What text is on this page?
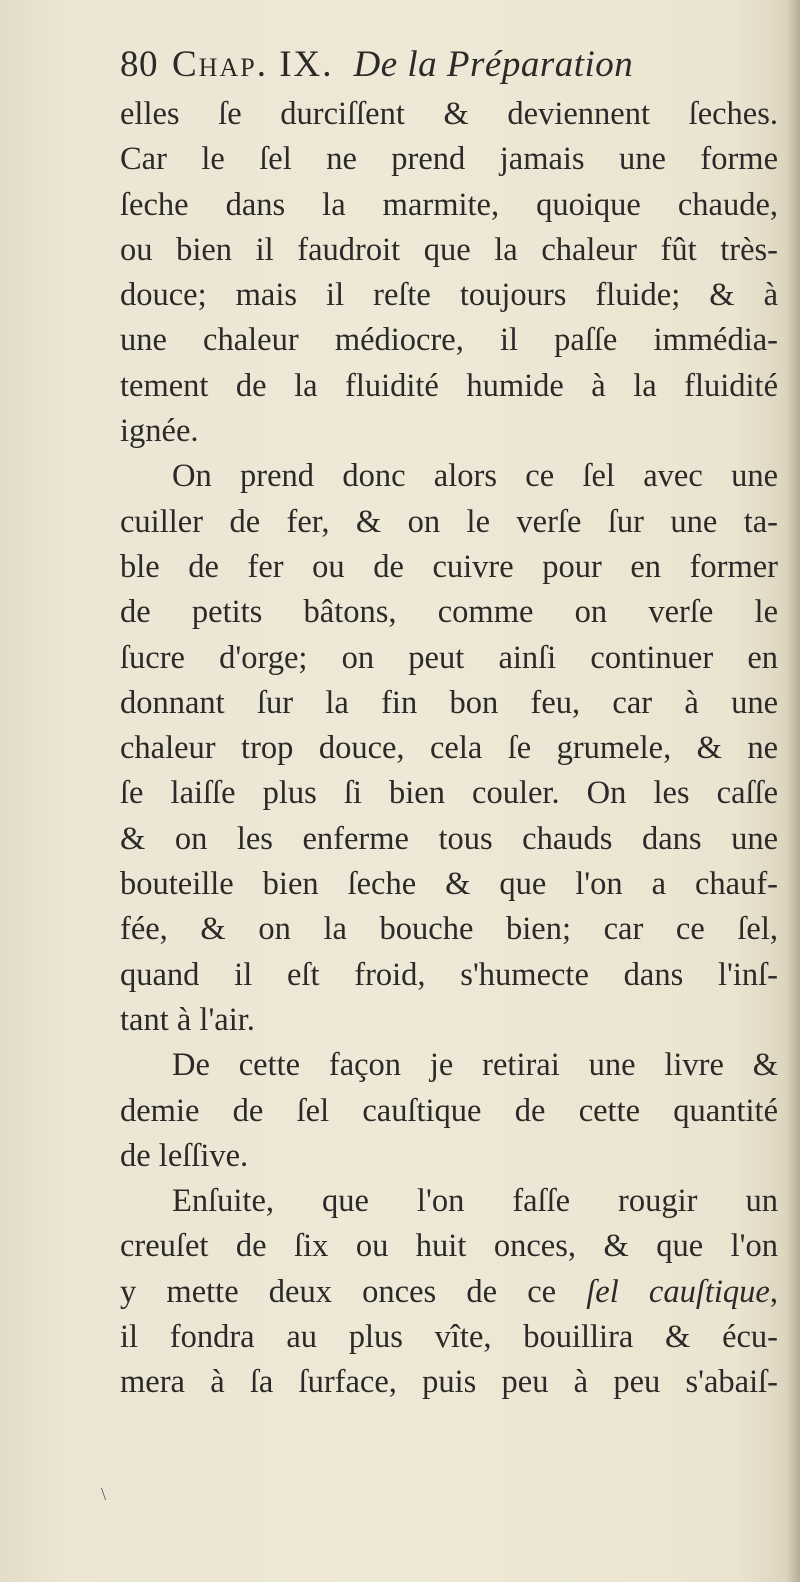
80 Chap. IX. De la Préparation
elles ſe durciſſent & deviennent ſeches.
Car le ſel ne prend jamais une forme
ſeche dans la marmite, quoique chaude,
ou bien il faudroit que la chaleur fût très-
douce; mais il reſte toujours fluide; & à
une chaleur médiocre, il paſſe immédia-
tement de la fluidité humide à la fluidité
ignée.
On prend donc alors ce ſel avec une
cuiller de fer, & on le verſe ſur une ta-
ble de fer ou de cuivre pour en former
de petits bâtons, comme on verſe le
ſucre d'orge; on peut ainſi continuer en
donnant ſur la fin bon feu, car à une
chaleur trop douce, cela ſe grumele, & ne
ſe laiſſe plus ſi bien couler. On les caſſe
& on les enferme tous chauds dans une
bouteille bien ſeche & que l'on a chauf-
fée, & on la bouche bien; car ce ſel,
quand il eſt froid, s'humecte dans l'inſ-
tant à l'air.
De cette façon je retirai une livre &
demie de ſel cauſtique de cette quantité
de leſſive.
Enſuite, que l'on faſſe rougir un
creuſet de ſix ou huit onces, & que l'on
y mette deux onces de ce ſel cauſtique,
il fondra au plus vîte, bouillira & écu-
mera à ſa ſurface, puis peu à peu s'abaiſ-
\
